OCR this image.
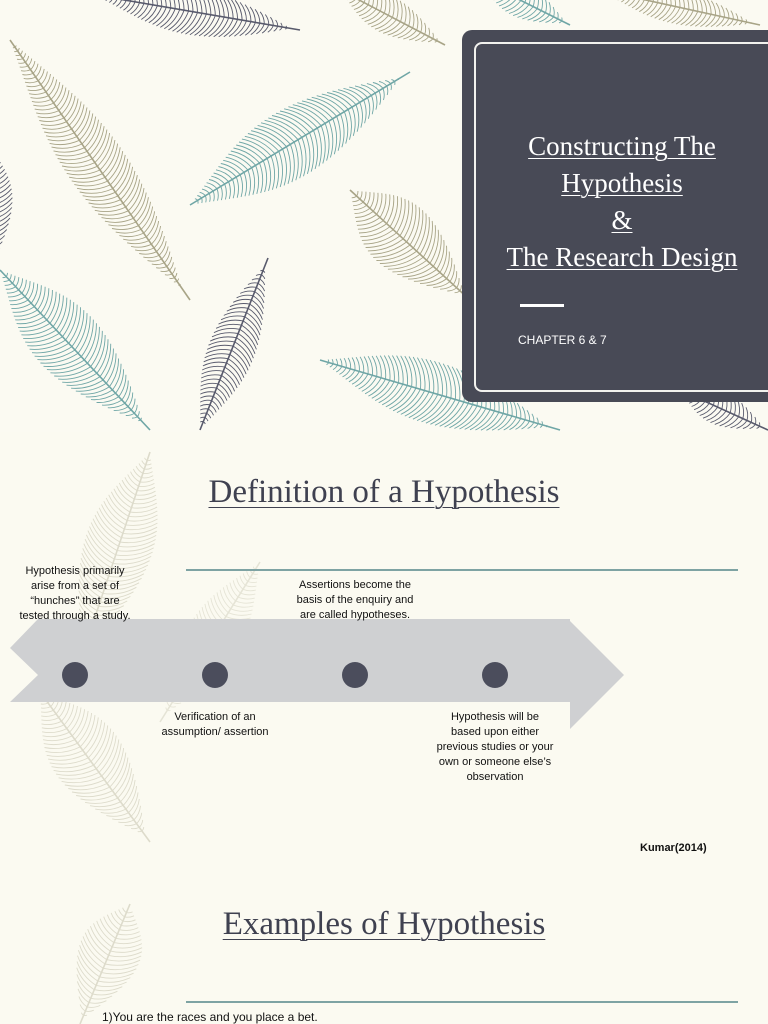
Constructing The
Hypothesis
&
The Research Design
CHAPTER 6 & 7
Definition of a Hypothesis
Hypothesis primarily arise from a set of “hunches” that are tested through a study.
Assertions become the basis of the enquiry and are called hypotheses.
Verification of an assumption/ assertion
Hypothesis will be based upon either previous studies or your own or someone else’s observation
Kumar(2014)
Examples of Hypothesis
1)You are the races and you place a bet.
